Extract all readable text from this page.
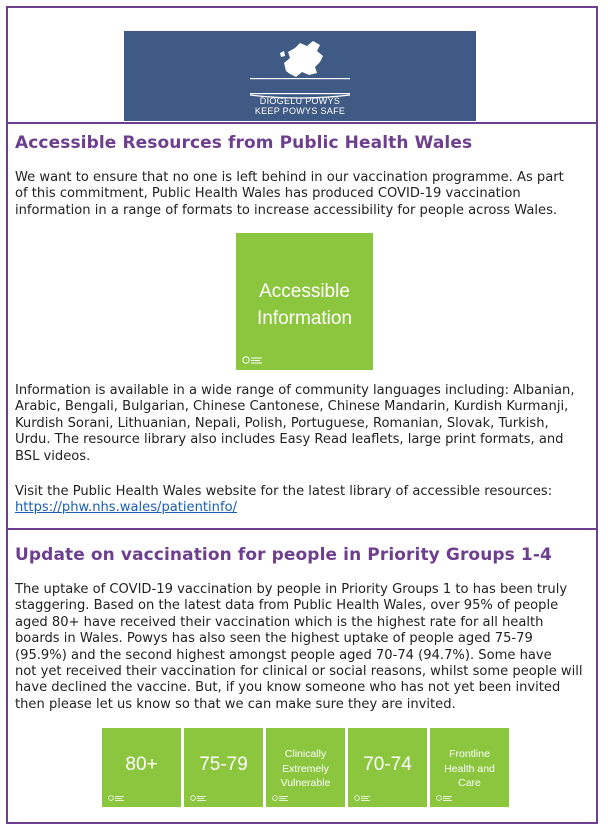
DIOGELU POWYS
KEEP POWYS SAFE
Accessible Resources from Public Health Wales
We want to ensure that no one is left behind in our vaccination programme. As part
of this commitment, Public Health Wales has produced COVID-19 vaccination
information in a range of formats to increase accessibility for people across Wales.
Accessible
Information
Information is available in a wide range of community languages including: Albanian,
Arabic, Bengali, Bulgarian, Chinese Cantonese, Chinese Mandarin, Kurdish Kurmanji,
Kurdish Sorani, Lithuanian, Nepali, Polish, Portuguese, Romanian, Slovak, Turkish,
Urdu. The resource library also includes Easy Read leaflets, large print formats, and
BSL videos.
Visit the Public Health Wales website for the latest library of accessible resources:
https://phw.nhs.wales/patientinfo/
Update on vaccination for people in Priority Groups 1-4
The uptake of COVID-19 vaccination by people in Priority Groups 1 to has been truly
staggering. Based on the latest data from Public Health Wales, over 95% of people
aged 80+ have received their vaccination which is the highest rate for all health
boards in Wales. Powys has also seen the highest uptake of people aged 75-79
(95.9%) and the second highest amongst people aged 70-74 (94.7%). Some have
not yet received their vaccination for clinical or social reasons, whilst some people will
have declined the vaccine. But, if you know someone who has not yet been invited
then please let us know so that we can make sure they are invited.
80+	75-79	Clinically
Extremely
Vulnerable
70-74	Frontline
Health and
Care
